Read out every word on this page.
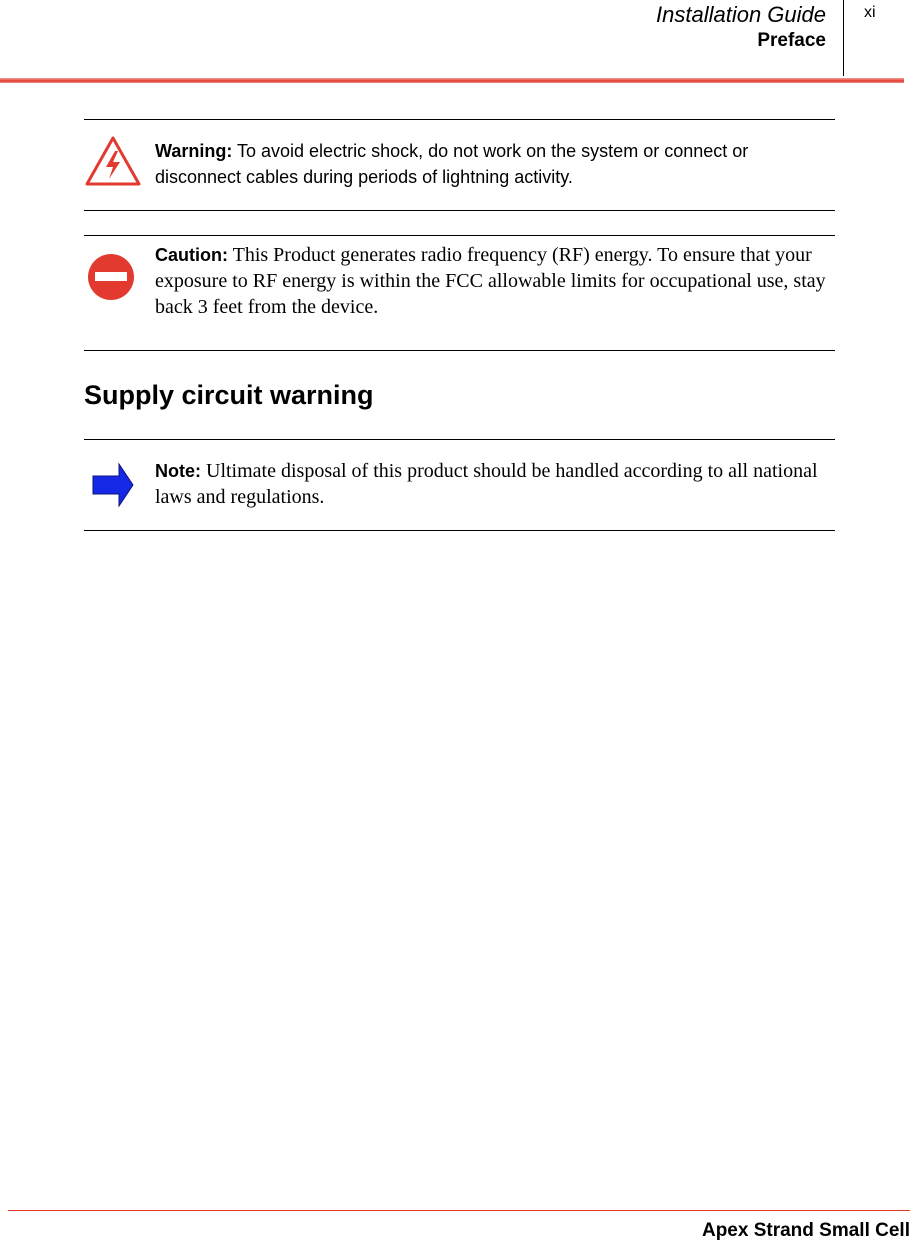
Installation Guide
Preface
xi
Warning: To avoid electric shock, do not work on the system or connect or disconnect cables during periods of lightning activity.
Caution: This Product generates radio frequency (RF) energy. To ensure that your exposure to RF energy is within the FCC allowable limits for occupational use, stay back 3 feet from the device.
Supply circuit warning
Note: Ultimate disposal of this product should be handled according to all national laws and regulations.
Apex Strand Small Cell
